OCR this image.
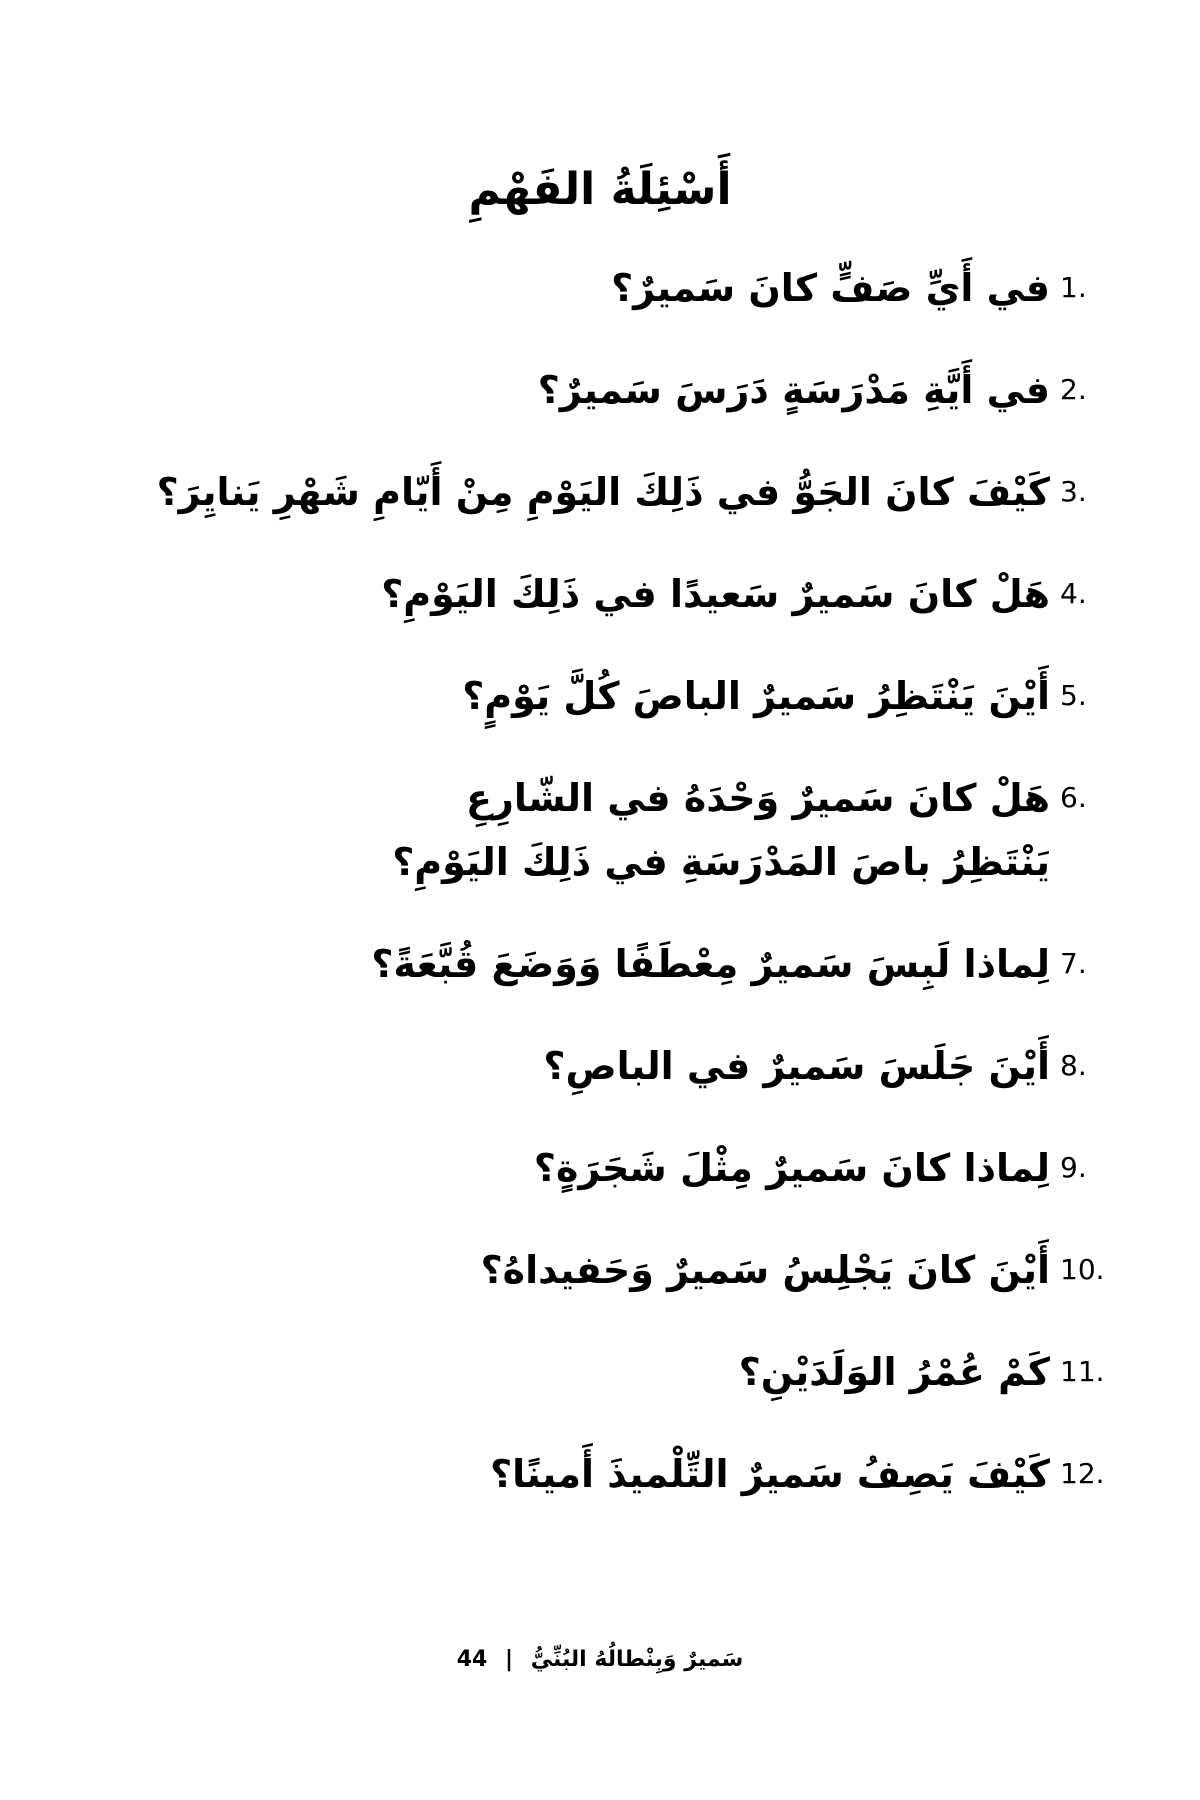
أَسْئِلَةُ الفَهْمِ
1.
في أَيِّ صَفٍّ كانَ سَميرٌ؟
2.
في أَيَّةِ مَدْرَسَةٍ دَرَسَ سَميرٌ؟
3.
كَيْفَ كانَ الجَوُّ في ذَلِكَ اليَوْمِ مِنْ أَيّامِ شَهْرِ يَنايِرَ؟
4.
هَلْ كانَ سَميرٌ سَعيدًا في ذَلِكَ اليَوْمِ؟
5.
أَيْنَ يَنْتَظِرُ سَميرٌ الباصَ كُلَّ يَوْمٍ؟
6.
هَلْ كانَ سَميرٌ وَحْدَهُ في الشّارِعِ يَنْتَظِرُ باصَ المَدْرَسَةِ في ذَلِكَ اليَوْمِ؟
7.
لِماذا لَبِسَ سَميرٌ مِعْطَفًا وَوَضَعَ قُبَّعَةً؟
8.
أَيْنَ جَلَسَ سَميرٌ في الباصِ؟
9.
لِماذا كانَ سَميرٌ مِثْلَ شَجَرَةٍ؟
10.
أَيْنَ كانَ يَجْلِسُ سَميرٌ وَحَفيداهُ؟
11.
كَمْ عُمْرُ الوَلَدَيْنِ؟
12.
كَيْفَ يَصِفُ سَميرٌ التِّلْميذَ أَمينًا؟
سَميرٌ وَبِنْطالُهُ البُنِّيُّ | 44
